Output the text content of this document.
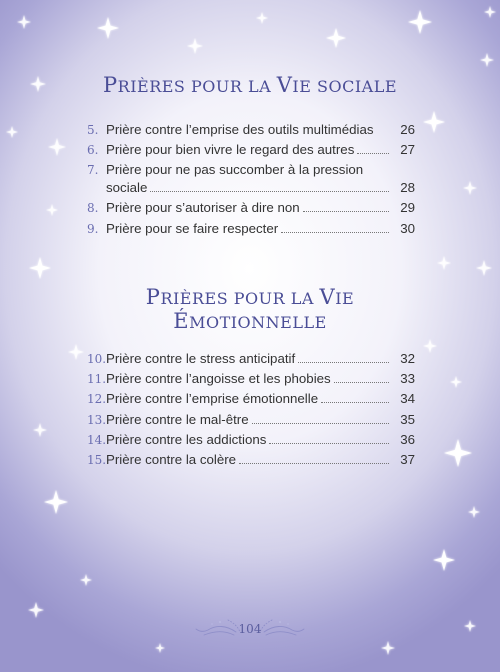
PRIÈRES POUR LA VIE SOCIALE
5. Prière contre l’emprise des outils multimédias	26
6. Prière pour bien vivre le regard des autres	27
7. Prière pour ne pas succomber à la pression
sociale	28
8. Prière pour s’autoriser à dire non	29
9. Prière pour se faire respecter	30
PRIÈRES POUR LA VIE
ÉMOTIONNELLE
10. Prière contre le stress anticipatif	32
11. Prière contre l’angoisse et les phobies	33
12. Prière contre l’emprise émotionnelle	34
13. Prière contre le mal-être	35
14. Prière contre les addictions	36
15. Prière contre la colère	37
104
